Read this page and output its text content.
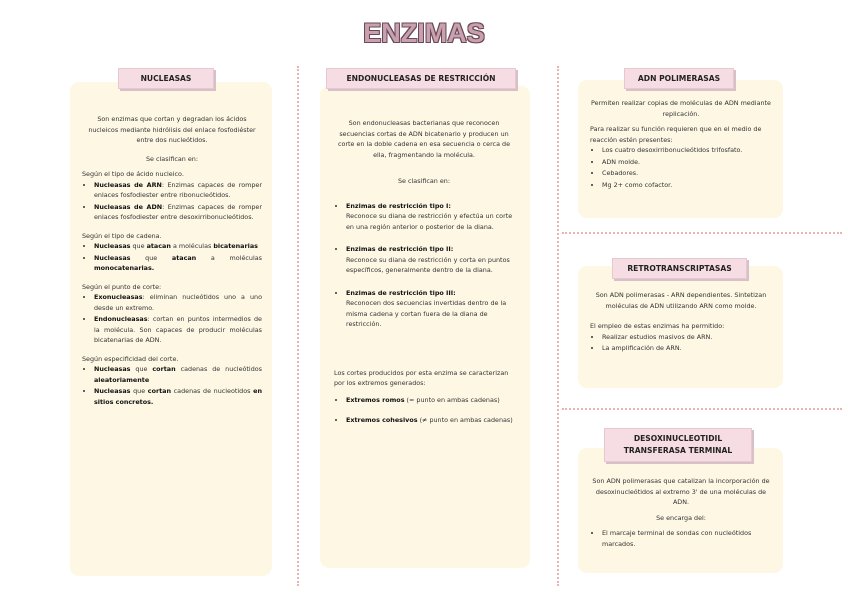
ENZIMAS
NUCLEASAS

Son enzimas que cortan y degradan los ácidos nucleicos mediante hidrólisis del enlace fosfodiéster entre dos nucleótidos.

Se clasifican en:

Según el tipo de ácido nucleico.

• Nucleasas de ARN: Enzimas capaces de romper enlaces fosfodiester entre ribonucleótidos.
• Nucleasas de ADN: Enzimas capaces de romper enlaces fosfodiester entre desoxirribonucleótidos.

Según el tipo de cadena.

• Nucleasas que atacan a moléculas bicatenarias
• Nucleasas que atacan a moléculas monocatenarias.

Según el punto de corte:

• Exonucleasas: eliminan nucleótidos uno a uno desde un extremo.
• Endonucleasas: cortan en puntos intermedios de la molécula. Son capaces de producir moléculas bicatenarias de ADN.

Según especificidad del corte.

• Nucleasas que cortan cadenas de nucleótidos aleatoriamente
• Nucleasas que cortan cadenas de nucleotidos en sitios concretos.
ENDONUCLEASAS DE RESTRICCIÓN

Son endonucleasas bacterianas que reconocen secuencias cortas de ADN bicatenario y producen un corte en la doble cadena en esa secuencia o cerca de ella, fragmentando la molécula.

Se clasifican en:

• Enzimas de restricción tipo I:
Reconoce su diana de restricción y efectúa un corte en una región anterior o posterior de la diana.
• Enzimas de restricción tipo II:
Reconoce su diana de restricción y corta en puntos específicos, generalmente dentro de la diana.
• Enzimas de restricción tipo III:
Reconocen dos secuencias invertidas dentro de la misma cadena y cortan fuera de la diana de restricción.

Los cortes producidos por esta enzima se caracterizan por los extremos generados:

• Extremos romos (= punto en ambas cadenas)
• Extremos cohesivos (≠ punto en ambas cadenas)
ADN POLIMERASAS

Permiten realizar copias de moléculas de ADN mediante replicación.

Para realizar su función requieren que en el medio de reacción estén presentes:

• Los cuatro desoxirribonucleótidos trifosfato.
• ADN molde.
• Cebadores.
• Mg 2+ como cofactor.
RETROTRANSCRIPTASAS

Son ADN polimerasas - ARN dependientes. Sintetizan moléculas de ADN utilizando ARN como molde.

El empleo de estas enzimas ha permitido:

• Realizar estudios masivos de ARN.
• La amplificación de ARN.
DESOXINUCLEOTIDIL
TRANSFERASA TERMINAL

Son ADN polimerasas que catalizan la incorporación de desoxinucleótidos al extremo 3' de una moléculas de ADN.

Se encarga del:

• El marcaje terminal de sondas con nucleótidos marcados.
